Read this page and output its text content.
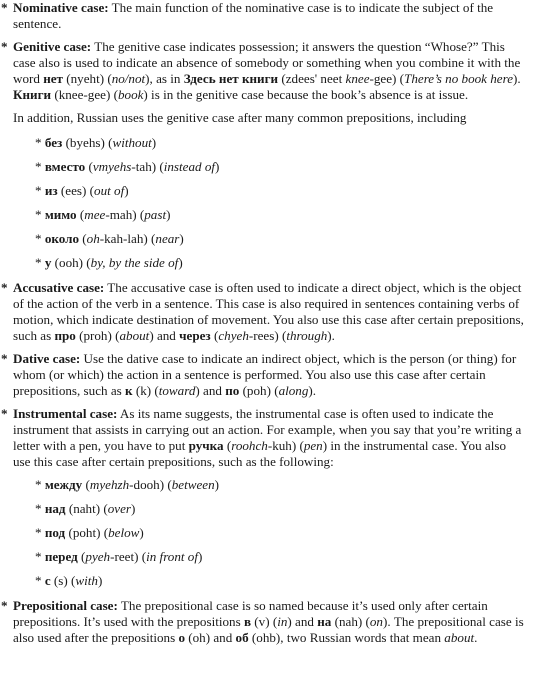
* Nominative case: The main function of the nominative case is to indicate the subject of the sentence.
* Genitive case: The genitive case indicates possession; it answers the question “Whose?” This case also is used to indicate an absence of somebody or something when you combine it with the word нет (nyeht) (no/not), as in Здесь нет книги (zdees' neet knee-gee) (There’s no book here). Книги (knee-gee) (book) is in the genitive case because the book’s absence is at issue.
In addition, Russian uses the genitive case after many common prepositions, including
* без (byehs) (without)
* вместо (vmyehs-tah) (instead of)
* из (ees) (out of)
* мимо (mee-mah) (past)
* около (oh-kah-lah) (near)
* у (ooh) (by, by the side of)
* Accusative case: The accusative case is often used to indicate a direct object, which is the object of the action of the verb in a sentence. This case is also required in sentences containing verbs of motion, which indicate destination of movement. You also use this case after certain prepositions, such as про (proh) (about) and через (chyeh-rees) (through).
* Dative case: Use the dative case to indicate an indirect object, which is the person (or thing) for whom (or which) the action in a sentence is performed. You also use this case after certain prepositions, such as к (k) (toward) and по (poh) (along).
* Instrumental case: As its name suggests, the instrumental case is often used to indicate the instrument that assists in carrying out an action. For example, when you say that you’re writing a letter with a pen, you have to put ручка (roohch-kuh) (pen) in the instrumental case. You also use this case after certain prepositions, such as the following:
* между (myehzh-dooh) (between)
* над (naht) (over)
* под (poht) (below)
* перед (pyeh-reet) (in front of)
* с (s) (with)
* Prepositional case: The prepositional case is so named because it’s used only after certain prepositions. It’s used with the prepositions в (v) (in) and на (nah) (on). The prepositional case is also used after the prepositions о (oh) and об (ohb), two Russian words that mean about.
